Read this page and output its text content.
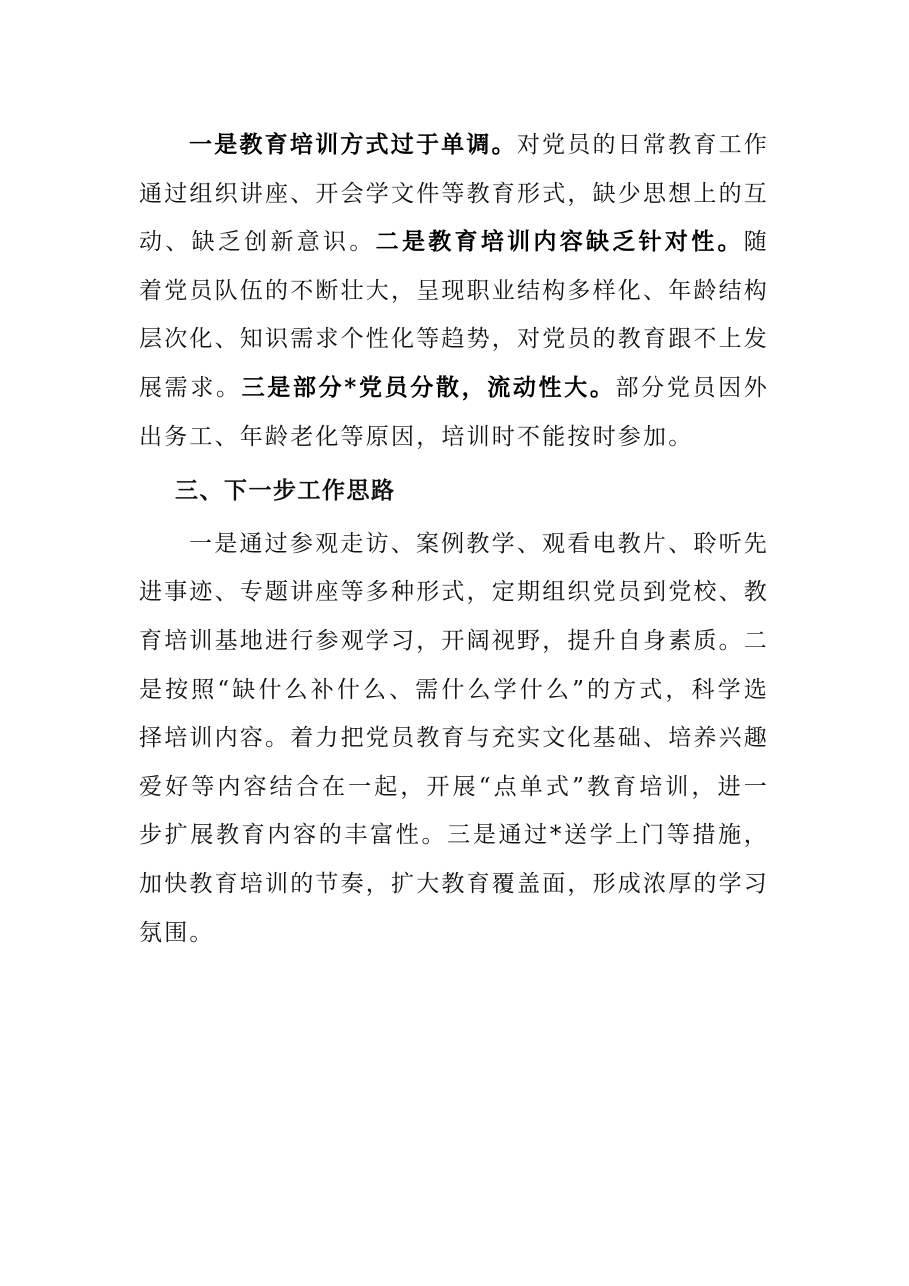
一是教育培训方式过于单调。对党员的日常教育工作通过组织讲座、开会学文件等教育形式，缺少思想上的互动、缺乏创新意识。二是教育培训内容缺乏针对性。随着党员队伍的不断壮大，呈现职业结构多样化、年龄结构层次化、知识需求个性化等趋势，对党员的教育跟不上发展需求。三是部分*党员分散，流动性大。部分党员因外出务工、年龄老化等原因，培训时不能按时参加。

三、下一步工作思路

一是通过参观走访、案例教学、观看电教片、聆听先进事迹、专题讲座等多种形式，定期组织党员到党校、教育培训基地进行参观学习，开阔视野，提升自身素质。二是按照“缺什么补什么、需什么学什么”的方式，科学选择培训内容。着力把党员教育与充实文化基础、培养兴趣爱好等内容结合在一起，开展“点单式”教育培训，进一步扩展教育内容的丰富性。三是通过*送学上门等措施，加快教育培训的节奏，扩大教育覆盖面，形成浓厚的学习氛围。
